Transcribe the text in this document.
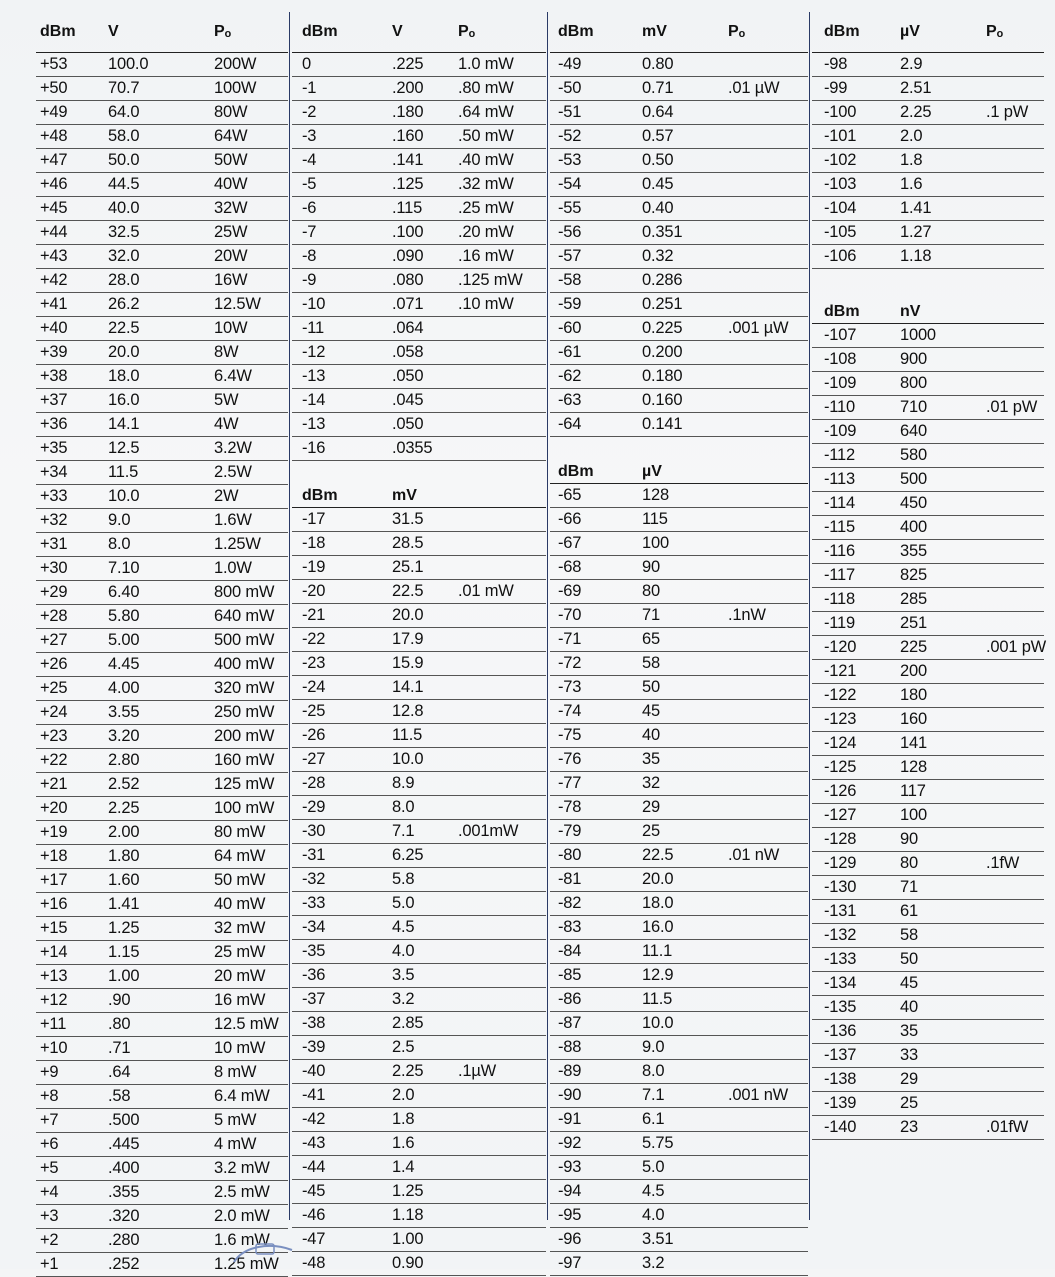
dBm V	Pₒ
+53 100.0	200W
+50 70.7	100W
+49 64.0	80W
+48 58.0	64W
+47 50.0	50W
+46 44.5	40W
+45 40.0	32W
+44 32.5	25W
+43 32.0	20W
+42 28.0	16W
+41 26.2	12.5W
+40 22.5	10W
+39 20.0	8W
+38 18.0	6.4W
+37 16.0	5W
+36 14.1	4W
+35 12.5	3.2W
+34 11.5	2.5W
+33 10.0	2W
+32 9.0	1.6W
+31 8.0	1.25W
+30 7.10	1.0W
+29 6.40	800 mW
+28 5.80	640 mW
+27 5.00	500 mW
+26 4.45	400 mW
+25 4.00	320 mW
+24 3.55	250 mW
+23 3.20	200 mW
+22 2.80	160 mW
+21 2.52	125 mW
+20 2.25	100 mW
+19 2.00	80 mW
+18 1.80	64 mW
+17 1.60	50 mW
+16 1.41	40 mW
+15 1.25	32 mW
+14 1.15	25 mW
+13 1.00	20 mW
+12 .90	16 mW
+11	.80	12.5 mW
+10 .71	10 mW
+9	.64	8 mW
+8	.58	6.4 mW
+7	.500	5 mW
+6	.445	4 mW
+5	.400	3.2 mW
+4	.355	2.5 mW
+3	.320	2.0 mW
+2	.280	1.6 mW
+1	.252	1.25 mW
dBm	V	Pₒ
0	.225 1.0 mW
-1	.200 .80 mW
-2	.180 .64 mW
-3	.160 .50 mW
-4	.141 .40 mW
-5	.125 .32 mW
-6	.115 .25 mW
-7	.100 .20 mW
-8	.090 .16 mW
-9	.080 .125 mW
-10	.071 .10 mW
-11	.064
-12	.058
-13	.050
-14	.045
-13	.050
-16	.0355
dBm	mV
-17	31.5
-18	28.5
-19	25.1
-20	22.5 .01 mW
-21	20.0
-22	17.9
-23	15.9
-24	14.1
-25	12.8
-26	11.5
-27	10.0
-28	8.9
-29	8.0
-30	7.1	.001mW
-31	6.25
-32	5.8
-33	5.0
-34	4.5
-35	4.0
-36	3.5
-37	3.2
-38	2.85
-39	2.5
-40	2.25 .1µW
-41	2.0
-42	1.8
-43	1.6
-44	1.4
-45	1.25
-46	1.18
-47	1.00
-48	0.90
dBm	mV	Pₒ
-49	0.80
-50	0.71	.01 µW
-51	0.64
-52	0.57
-53	0.50
-54	0.45
-55	0.40
-56	0.351
-57	0.32
-58	0.286
-59	0.251
-60	0.225	.001 µW
-61	0.200
-62	0.180
-63	0.160
-64	0.141
dBm	µV
-65	128
-66	115
-67	100
-68	90
-69	80
-70	71	.1nW
-71	65
-72	58
-73	50
-74	45
-75	40
-76	35
-77	32
-78	29
-79	25
-80	22.5	.01 nW
-81	20.0
-82	18.0
-83	16.0
-84	11.1
-85	12.9
-86	11.5
-87	10.0
-88	9.0
-89	8.0
-90	7.1	.001 nW
-91	6.1
-92	5.75
-93	5.0
-94	4.5
-95	4.0
-96	3.51
-97	3.2
dBm	µV	Pₒ
-98	2.9
-99	2.51
-100	2.25	.1 pW
-101	2.0
-102	1.8
-103	1.6
-104	1.41
-105	1.27
-106	1.18
dBm	nV
-107	1000
-108	900
-109	800
-110	710	.01 pW
-109	640
-112	580
-113	500
-114	450
-115	400
-116	355
-117	825
-118	285
-119	251
-120	225	.001 pW
-121	200
-122	180
-123	160
-124	141
-125	128
-126	117
-127	100
-128	90
-129	80	.1fW
-130	71
-131	61
-132	58
-133	50
-134	45
-135	40
-136	35
-137	33
-138	29
-139	25
-140	23	.01fW
